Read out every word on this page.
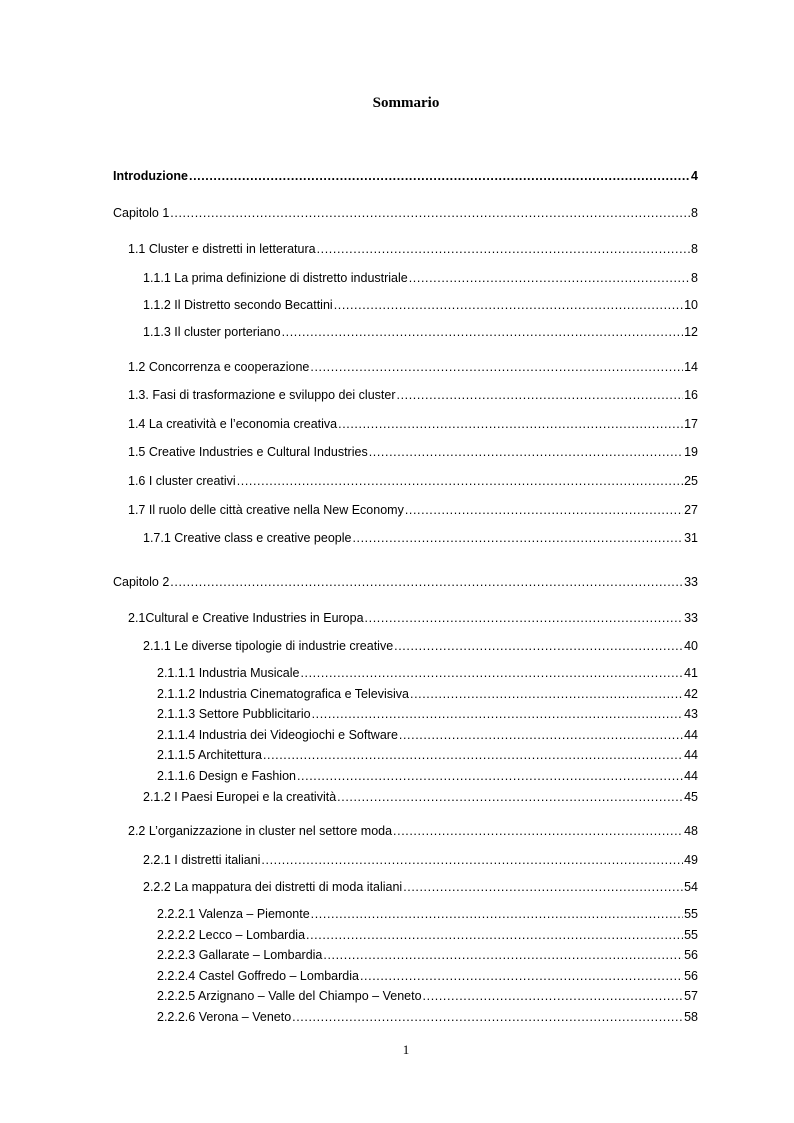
Sommario
Introduzione .....	4
Capitolo 1 .....	8
1.1 Cluster e distretti in letteratura .....	8
1.1.1 La prima definizione di distretto industriale .....	8
1.1.2 Il Distretto secondo Becattini .....	10
1.1.3 Il cluster porteriano .....	12
1.2 Concorrenza e cooperazione .....	14
1.3. Fasi di trasformazione e sviluppo dei cluster .....	16
1.4 La creatività e l’economia creativa .....	17
1.5 Creative Industries e Cultural Industries .....	19
1.6 I cluster creativi .....	25
1.7 Il ruolo delle città creative nella New Economy .....	27
1.7.1 Creative class e creative people .....	31
Capitolo 2 .....	33
2.1Cultural e Creative Industries in Europa .....	33
2.1.1 Le diverse tipologie di industrie creative .....	40
2.1.1.1 Industria Musicale .....	41
2.1.1.2 Industria Cinematografica e Televisiva .....	42
2.1.1.3 Settore Pubblicitario .....	43
2.1.1.4 Industria dei Videogiochi e Software .....	44
2.1.1.5 Architettura .....	44
2.1.1.6 Design e Fashion .....	44
2.1.2 I Paesi Europei e la creatività .....	45
2.2 L’organizzazione in cluster nel settore moda .....	48
2.2.1 I distretti italiani .....	49
2.2.2 La mappatura dei distretti di moda italiani .....	54
2.2.2.1 Valenza – Piemonte .....	55
2.2.2.2 Lecco – Lombardia .....	55
2.2.2.3 Gallarate – Lombardia .....	56
2.2.2.4 Castel Goffredo – Lombardia .....	56
2.2.2.5 Arzignano – Valle del Chiampo – Veneto .....	57
2.2.2.6 Verona – Veneto .....	58
1
